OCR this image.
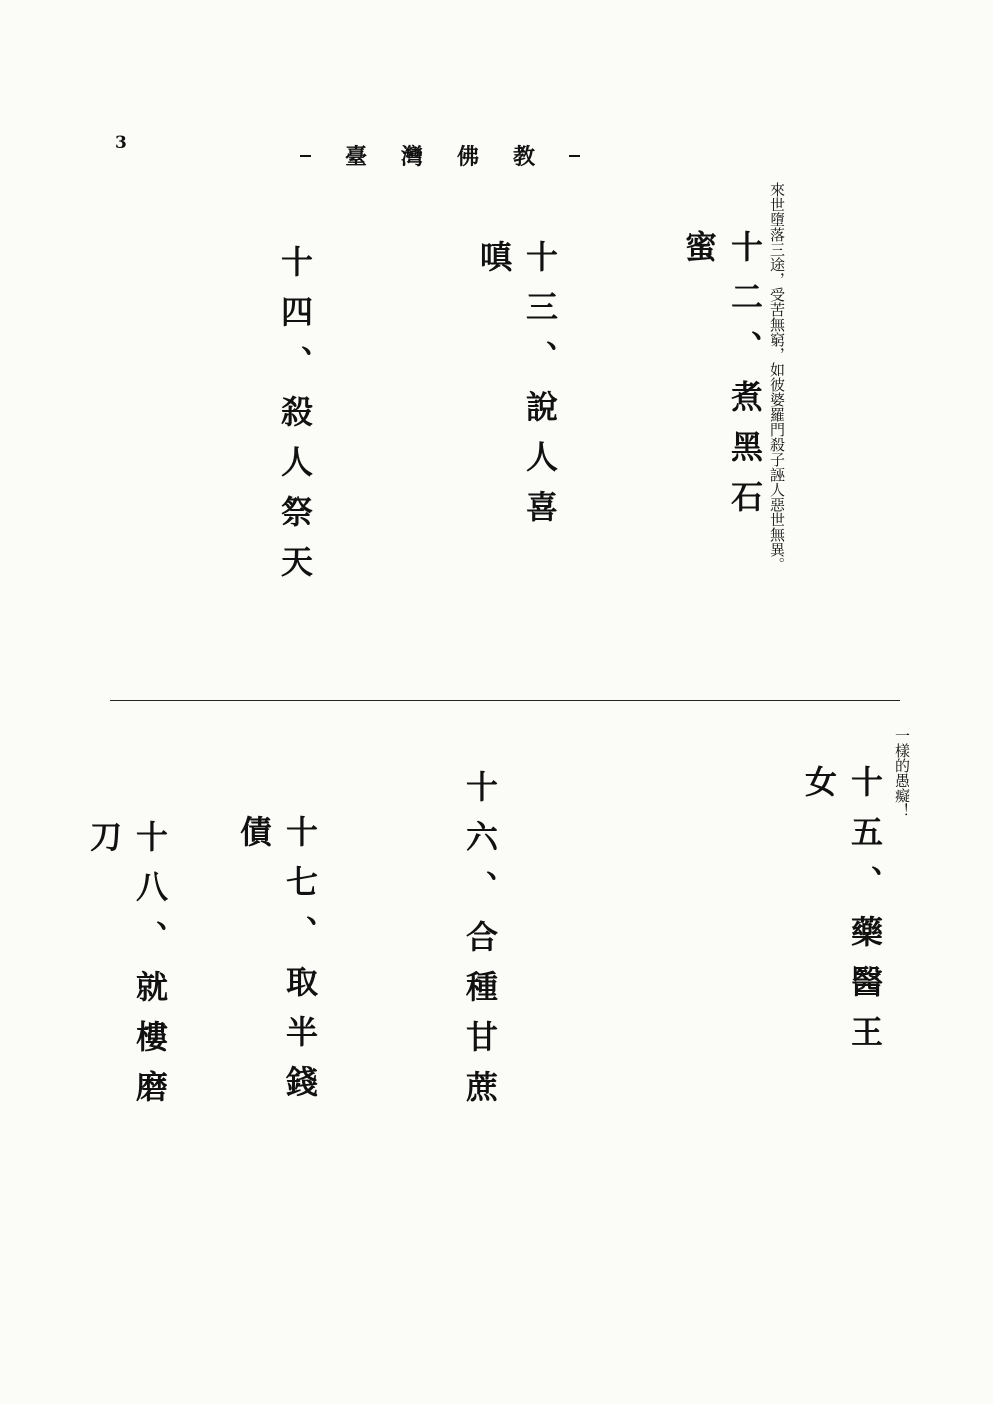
3
臺灣佛教
來世墮落三途，受苦無窮，如彼婆羅門殺子誣人惡世無異。
十二、煮黑石蜜
十三、說人喜嗔
十四、殺人祭天
一樣的愚癡！
十五、藥醫王女
十六、合種甘蔗
十七、取半錢債
十八、就樓磨刀
